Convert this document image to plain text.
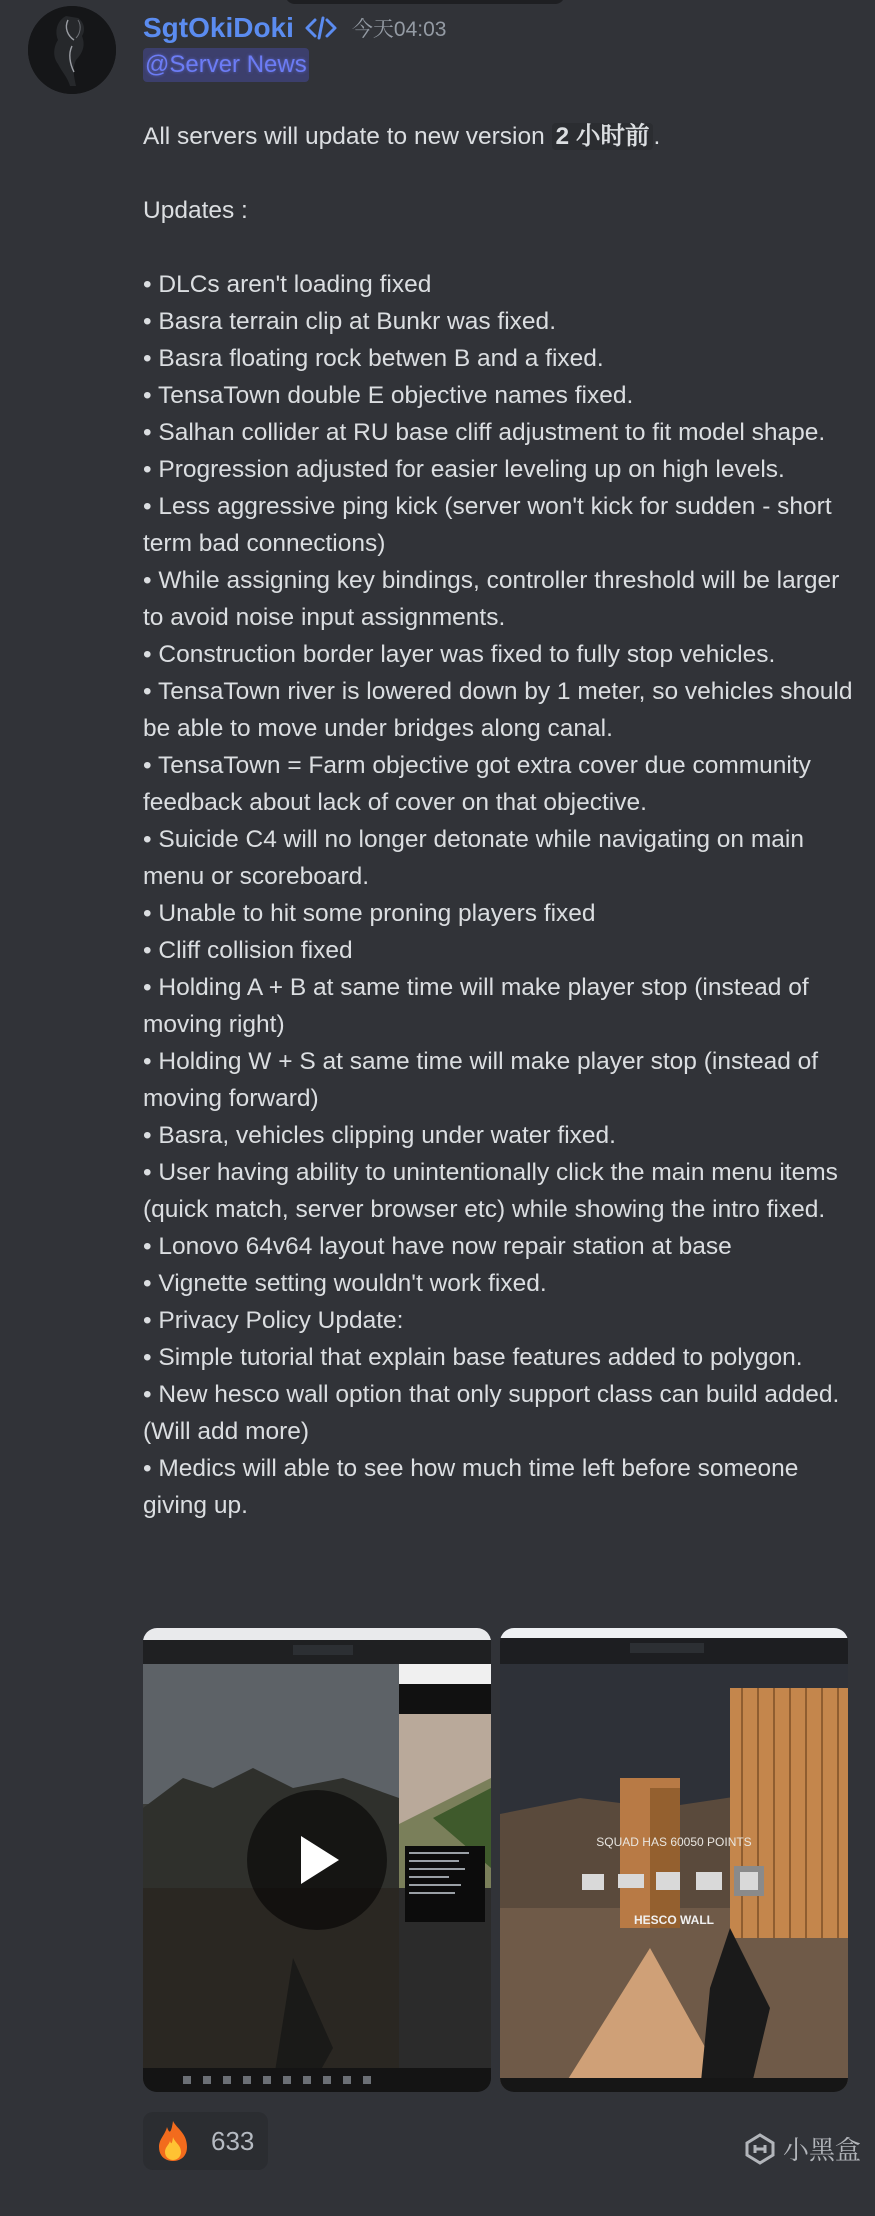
SgtOkiDoki	今天04:03
@Server News

All servers will update to new version 2 小时前 .

Updates :

• DLCs aren't loading fixed
• Basra terrain clip at Bunkr was fixed.
• Basra floating rock betwen B and a fixed.
• TensaTown double E objective names fixed.
• Salhan collider at RU base cliff adjustment to fit model shape.
• Progression adjusted for easier leveling up on high levels.
• Less aggressive ping kick (server won't kick for sudden - short term bad connections)
• While assigning key bindings, controller threshold will be larger to avoid noise input assignments.
• Construction border layer was fixed to fully stop vehicles.
• TensaTown river is lowered down by 1 meter, so vehicles should be able to move under bridges along canal.
• TensaTown = Farm objective got extra cover due community feedback about lack of cover on that objective.
• Suicide C4 will no longer detonate while navigating on main menu or scoreboard.
• Unable to hit some proning players fixed
• Cliff collision fixed
• Holding A + B at same time will make player stop (instead of moving right)
• Holding W + S at same time will make player stop (instead of moving forward)
• Basra, vehicles clipping under water fixed.
• User having ability to unintentionally click the main menu items (quick match, server browser etc) while showing the intro fixed.
• Lonovo 64v64 layout have now repair station at base
• Vignette setting wouldn't work fixed.
• Privacy Policy Update:
• Simple tutorial that explain base features added to polygon.
• New hesco wall option that only support class can build added. (Will add more)
• Medics will able to see how much time left before someone giving up.
SQUAD HAS 60050 POINTS
HESCO WALL
633	小黑盒
